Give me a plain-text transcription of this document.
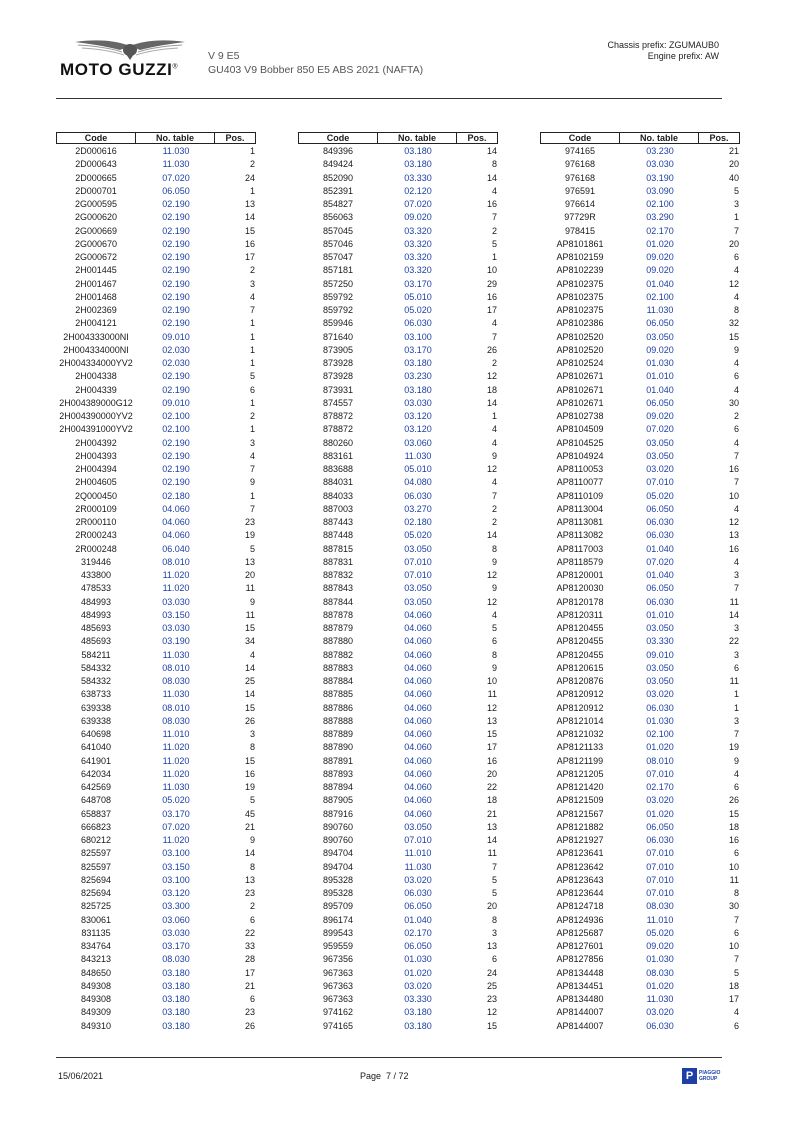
MOTO GUZZI®
V 9 E5
GU403 V9 Bobber 850 E5 ABS 2021 (NAFTA)
Chassis prefix: ZGUMAUB0
Engine prefix: AW
Code	No. table	Pos.
2D000616	11.030	1
2D000643	11.030	2
2D000665	07.020	24
2D000701	06.050	1
2G000595	02.190	13
2G000620	02.190	14
2G000669	02.190	15
2G000670	02.190	16
2G000672	02.190	17
2H001445	02.190	2
2H001467	02.190	3
2H001468	02.190	4
2H002369	02.190	7
2H004121	02.190	1
2H004333000NI	09.010	1
2H004334000NI	02.030	1
2H004334000YV2	02.030	1
2H004338	02.190	5
2H004339	02.190	6
2H004389000G12	09.010	1
2H004390000YV2	02.100	2
2H004391000YV2	02.100	1
2H004392	02.190	3
2H004393	02.190	4
2H004394	02.190	7
2H004605	02.190	9
2Q000450	02.180	1
2R000109	04.060	7
2R000110	04.060	23
2R000243	04.060	19
2R000248	06.040	5
319446	08.010	13
433800	11.020	20
478533	11.020	11
484993	03.030	9
484993	03.150	11
485693	03.030	15
485693	03.190	34
584211	11.030	4
584332	08.010	14
584332	08.030	25
638733	11.030	14
639338	08.010	15
639338	08.030	26
640698	11.010	3
641040	11.020	8
641901	11.020	15
642034	11.020	16
642569	11.030	19
648708	05.020	5
658837	03.170	45
666823	07.020	21
680212	11.020	9
825597	03.100	14
825597	03.150	8
825694	03.100	13
825694	03.120	23
825725	03.300	2
830061	03.060	6
831135	03.030	22
834764	03.170	33
843213	08.030	28
848650	03.180	17
849308	03.180	21
849308	03.180	6
849309	03.180	23
849310	03.180	26
Code	No. table	Pos.
849396	03.180	14
849424	03.180	8
852090	03.330	14
852391	02.120	4
854827	07.020	16
856063	09.020	7
857045	03.320	2
857046	03.320	5
857047	03.320	1
857181	03.320	10
857250	03.170	29
859792	05.010	16
859792	05.020	17
859946	06.030	4
871640	03.100	7
873905	03.170	26
873928	03.180	2
873928	03.230	12
873931	03.180	18
874557	03.030	14
878872	03.120	1
878872	03.120	4
880260	03.060	4
883161	11.030	9
883688	05.010	12
884031	04.080	4
884033	06.030	7
887003	03.270	2
887443	02.180	2
887448	05.020	14
887815	03.050	8
887831	07.010	9
887832	07.010	12
887843	03.050	9
887844	03.050	12
887878	04.060	4
887879	04.060	5
887880	04.060	6
887882	04.060	8
887883	04.060	9
887884	04.060	10
887885	04.060	11
887886	04.060	12
887888	04.060	13
887889	04.060	15
887890	04.060	17
887891	04.060	16
887893	04.060	20
887894	04.060	22
887905	04.060	18
887916	04.060	21
890760	03.050	13
890760	07.010	14
894704	11.010	11
894704	11.030	7
895328	03.020	5
895328	06.030	5
895709	06.050	20
896174	01.040	8
899543	02.170	3
959559	06.050	13
967356	01.030	6
967363	01.020	24
967363	03.020	25
967363	03.330	23
974162	03.180	12
974165	03.180	15
Code	No. table	Pos.
974165	03.230	21
976168	03.030	20
976168	03.190	40
976591	03.090	5
976614	02.100	3
97729R	03.290	1
978415	02.170	7
AP8101861	01.020	20
AP8102159	09.020	6
AP8102239	09.020	4
AP8102375	01.040	12
AP8102375	02.100	4
AP8102375	11.030	8
AP8102386	06.050	32
AP8102520	03.050	15
AP8102520	09.020	9
AP8102524	01.030	4
AP8102671	01.010	6
AP8102671	01.040	4
AP8102671	06.050	30
AP8102738	09.020	2
AP8104509	07.020	6
AP8104525	03.050	4
AP8104924	03.050	7
AP8110053	03.020	16
AP8110077	07.010	7
AP8110109	05.020	10
AP8113004	06.050	4
AP8113081	06.030	12
AP8113082	06.030	13
AP8117003	01.040	16
AP8118579	07.020	4
AP8120001	01.040	3
AP8120030	06.050	7
AP8120178	06.030	11
AP8120311	01.010	14
AP8120455	03.050	3
AP8120455	03.330	22
AP8120455	09.010	3
AP8120615	03.050	6
AP8120876	03.050	11
AP8120912	03.020	1
AP8120912	06.030	1
AP8121014	01.030	3
AP8121032	02.100	7
AP8121133	01.020	19
AP8121199	08.010	9
AP8121205	07.010	4
AP8121420	02.170	6
AP8121509	03.020	26
AP8121567	01.020	15
AP8121882	06.050	18
AP8121927	06.030	16
AP8123641	07.010	6
AP8123642	07.010	10
AP8123643	07.010	11
AP8123644	07.010	8
AP8124718	08.030	30
AP8124936	11.010	7
AP8125687	05.020	6
AP8127601	09.020	10
AP8127856	01.030	7
AP8134448	08.030	5
AP8134451	01.020	18
AP8134480	11.030	17
AP8144007	03.020	4
AP8144007	06.030	6
15/06/2021	Page 7 / 72	P	PIAGGIO
GROUP
